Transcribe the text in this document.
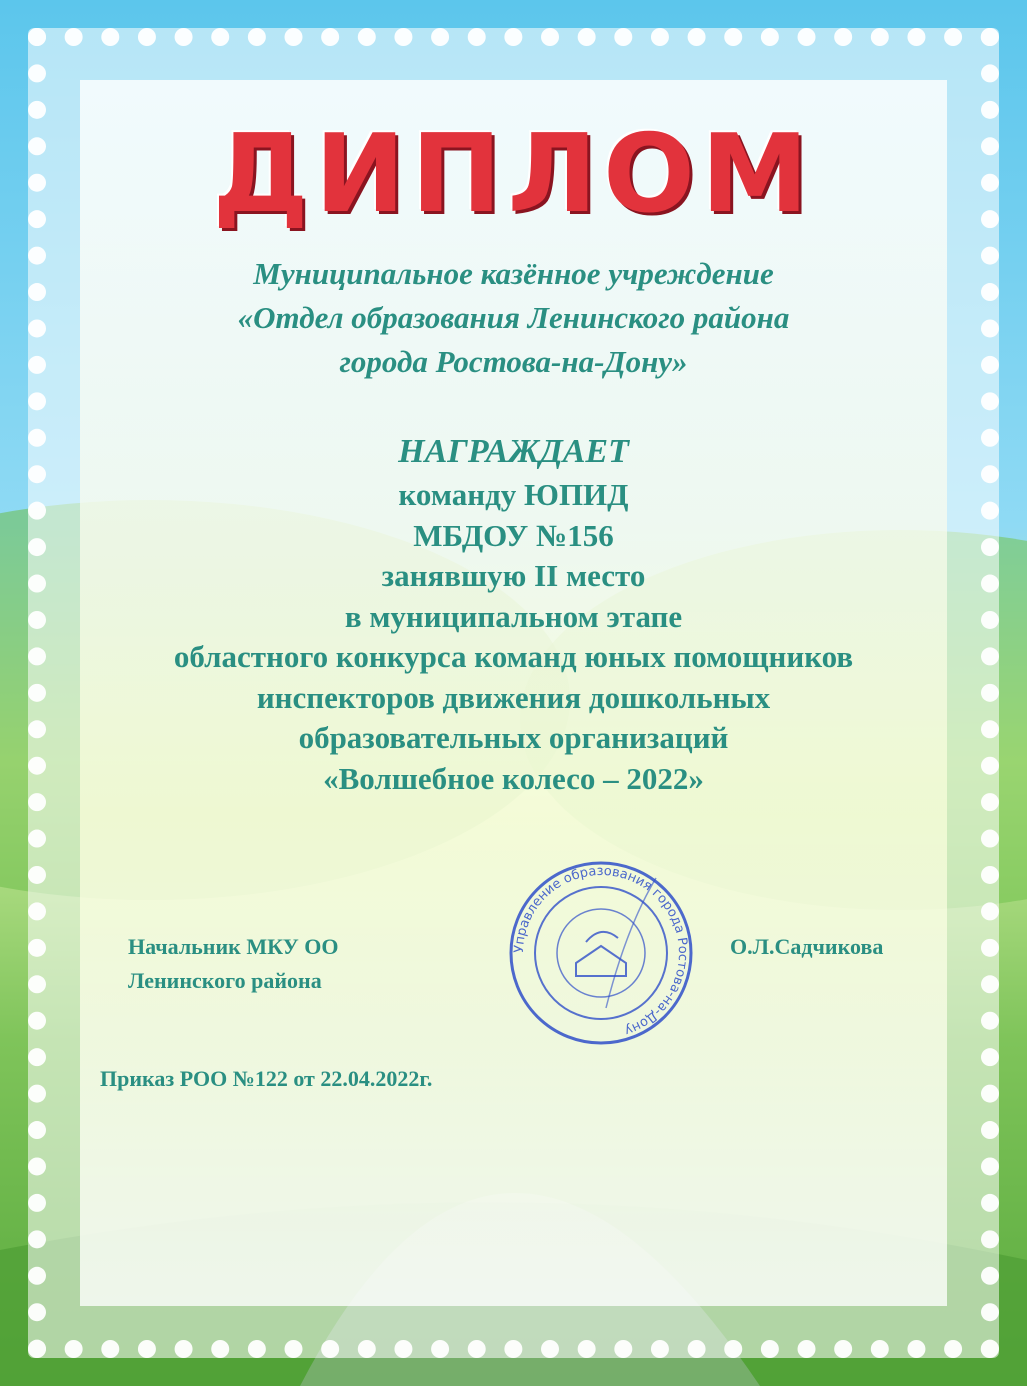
ДИПЛОМ
Муниципальное казённое учреждение
«Отдел образования Ленинского района
города Ростова-на-Дону»
НАГРАЖДАЕТ
команду ЮПИД
МБДОУ №156
занявшую II место
в муниципальном этапе
областного конкурса команд юных помощников
инспекторов движения дошкольных
образовательных организаций
«Волшебное колесо – 2022»
Начальник МКУ ОО
Ленинского района
О.Л.Садчикова
Приказ РОО №122 от 22.04.2022г.
Управление образования города Ростова-на-Дону
